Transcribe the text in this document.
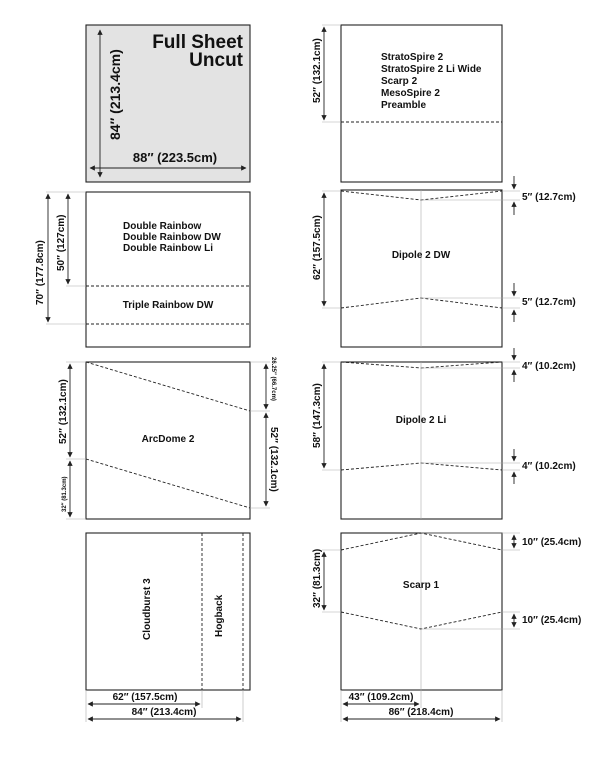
Full Sheet
Uncut
84″ (213.4cm)
88″ (223.5cm)
52″ (132.1cm)	StratoSpire 2
StratoSpire 2 Li Wide
Scarp 2
MesoSpire 2
Preamble
70″ (177.8cm) 50″ (127cm)	Double Rainbow
Double Rainbow DW
Double Rainbow Li
Triple Rainbow DW
62″ (157.5cm)
5″ (12.7cm)
5″ (12.7cm)
Dipole 2 DW
52″ (132.1cm)
32″ (81.3cm)
26.25″ (66.7cm)
52″ (132.1cm)
ArcDome 2	58″ (147.3cm)
4″ (10.2cm)
4″ (10.2cm)
Dipole 2 Li
Cloudburst 3	Hogback
62″ (157.5cm)
84″ (213.4cm)
32″ (81.3cm)
10″ (25.4cm)
10″ (25.4cm)
Scarp 1
43″ (109.2cm)
86″ (218.4cm)
